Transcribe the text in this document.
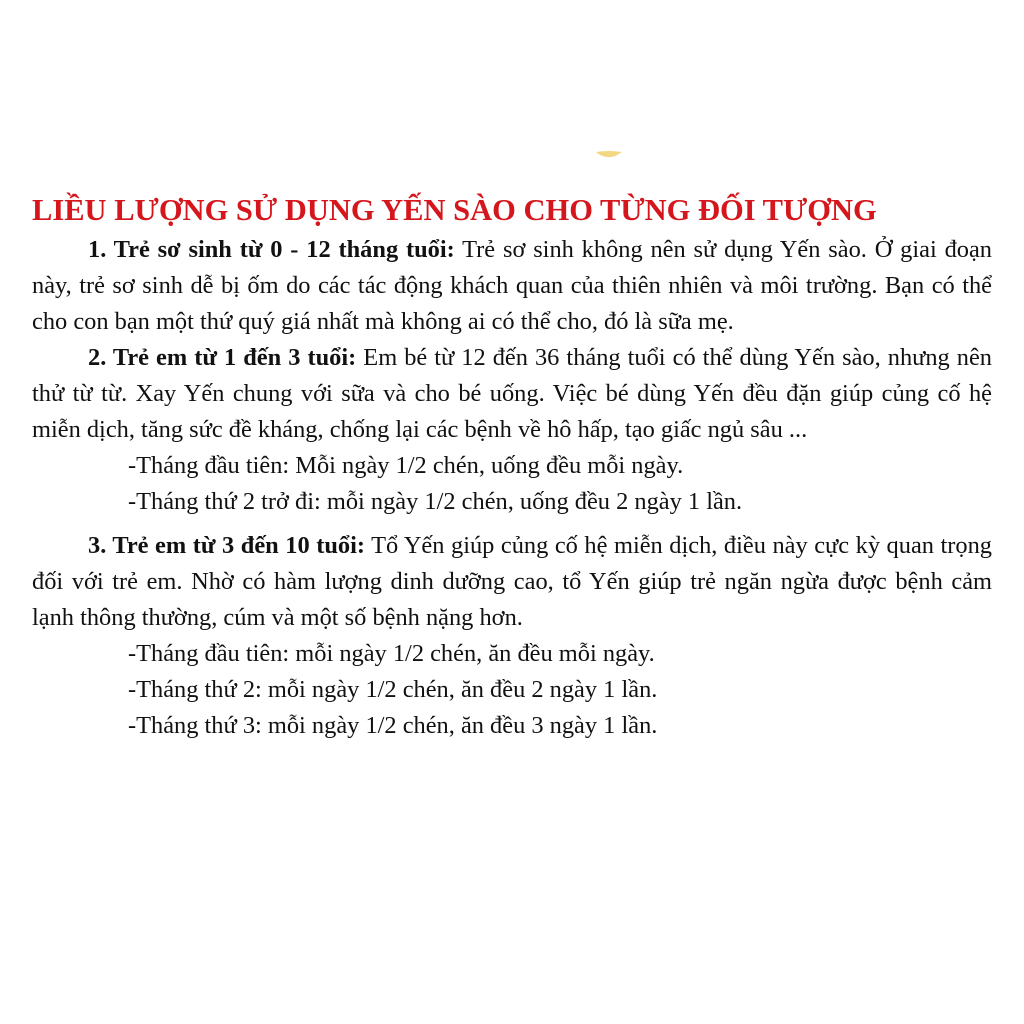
LIỀU LƯỢNG SỬ DỤNG YẾN SÀO CHO TỪNG ĐỐI TƯỢNG

1. Trẻ sơ sinh từ 0 - 12 tháng tuổi: Trẻ sơ sinh không nên sử dụng Yến sào. Ở giai đoạn này, trẻ sơ sinh dễ bị ốm do các tác động khách quan của thiên nhiên và môi trường. Bạn có thể cho con bạn một thứ quý giá nhất mà không ai có thể cho, đó là sữa mẹ.

2. Trẻ em từ 1 đến 3 tuổi: Em bé từ 12 đến 36 tháng tuổi có thể dùng Yến sào, nhưng nên thử từ từ. Xay Yến chung với sữa và cho bé uống. Việc bé dùng Yến đều đặn giúp củng cố hệ miễn dịch, tăng sức đề kháng, chống lại các bệnh về hô hấp, tạo giấc ngủ sâu ...

-Tháng đầu tiên: Mỗi ngày 1/2 chén, uống đều mỗi ngày.

-Tháng thứ 2 trở đi: mỗi ngày 1/2 chén, uống đều 2 ngày 1 lần.

3. Trẻ em từ 3 đến 10 tuổi: Tổ Yến giúp củng cố hệ miễn dịch, điều này cực kỳ quan trọng đối với trẻ em. Nhờ có hàm lượng dinh dưỡng cao, tổ Yến giúp trẻ ngăn ngừa được bệnh cảm lạnh thông thường, cúm và một số bệnh nặng hơn.

-Tháng đầu tiên: mỗi ngày 1/2 chén, ăn đều mỗi ngày.

-Tháng thứ 2: mỗi ngày 1/2 chén, ăn đều 2 ngày 1 lần.

-Tháng thứ 3: mỗi ngày 1/2 chén, ăn đều 3 ngày 1 lần.
